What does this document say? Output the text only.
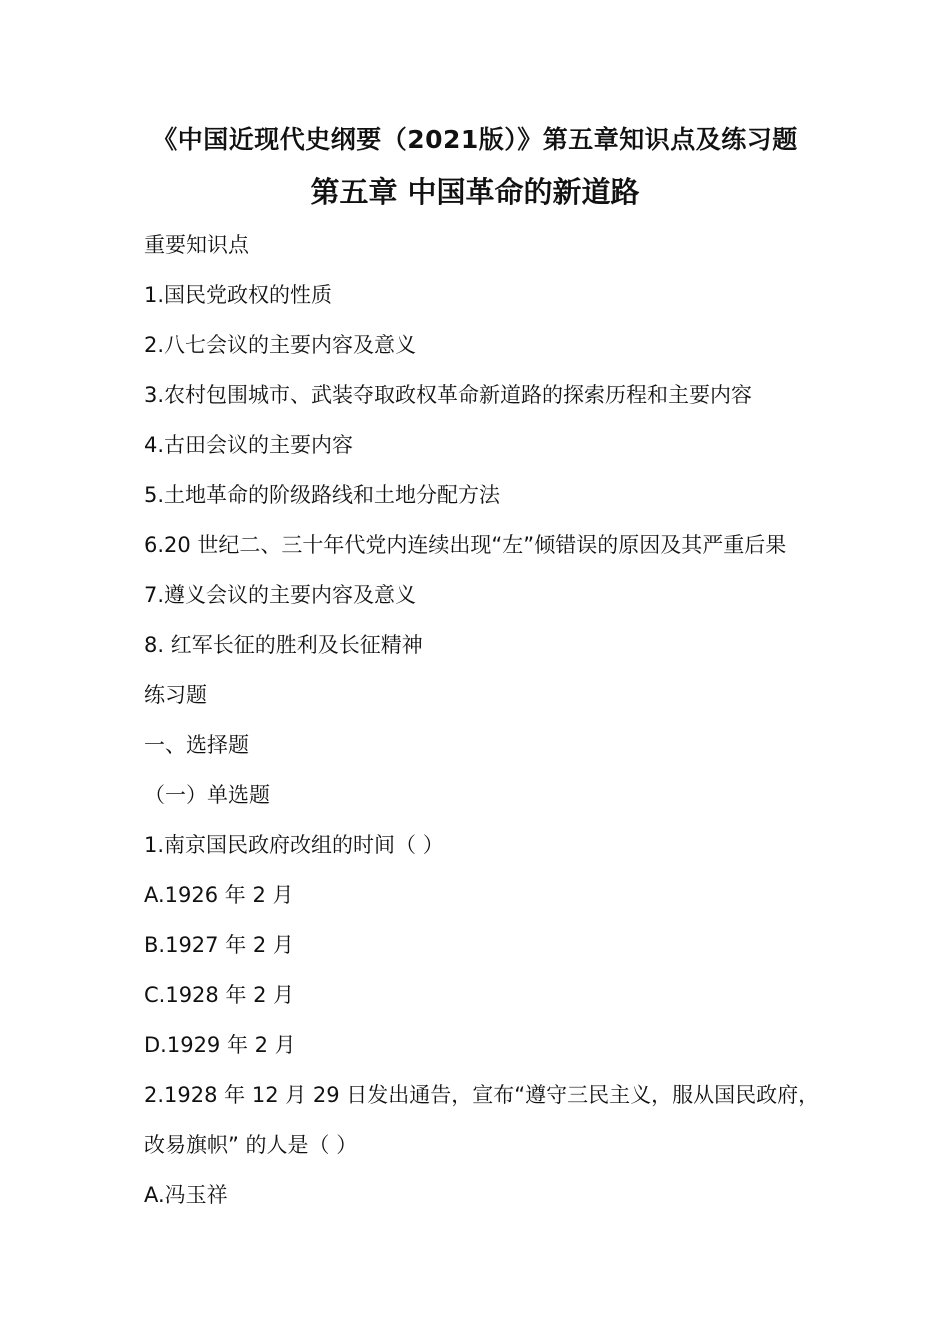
《中国近现代史纲要（2021版）》第五章知识点及练习题
第五章 中国革命的新道路
重要知识点
1.国民党政权的性质
2.八七会议的主要内容及意义
3.农村包围城市、武装夺取政权革命新道路的探索历程和主要内容
4.古田会议的主要内容
5.土地革命的阶级路线和土地分配方法
6.20 世纪二、三十年代党内连续出现“左”倾错误的原因及其严重后果
7.遵义会议的主要内容及意义
8. 红军长征的胜利及长征精神
练习题
一、选择题
（一）单选题
1.南京国民政府改组的时间（ ）
A.1926 年 2 月
B.1927 年 2 月
C.1928 年 2 月
D.1929 年 2 月
2.1928 年 12 月 29 日发出通告，宣布“遵守三民主义，服从国民政府，
改易旗帜” 的人是（ ）
A.冯玉祥
